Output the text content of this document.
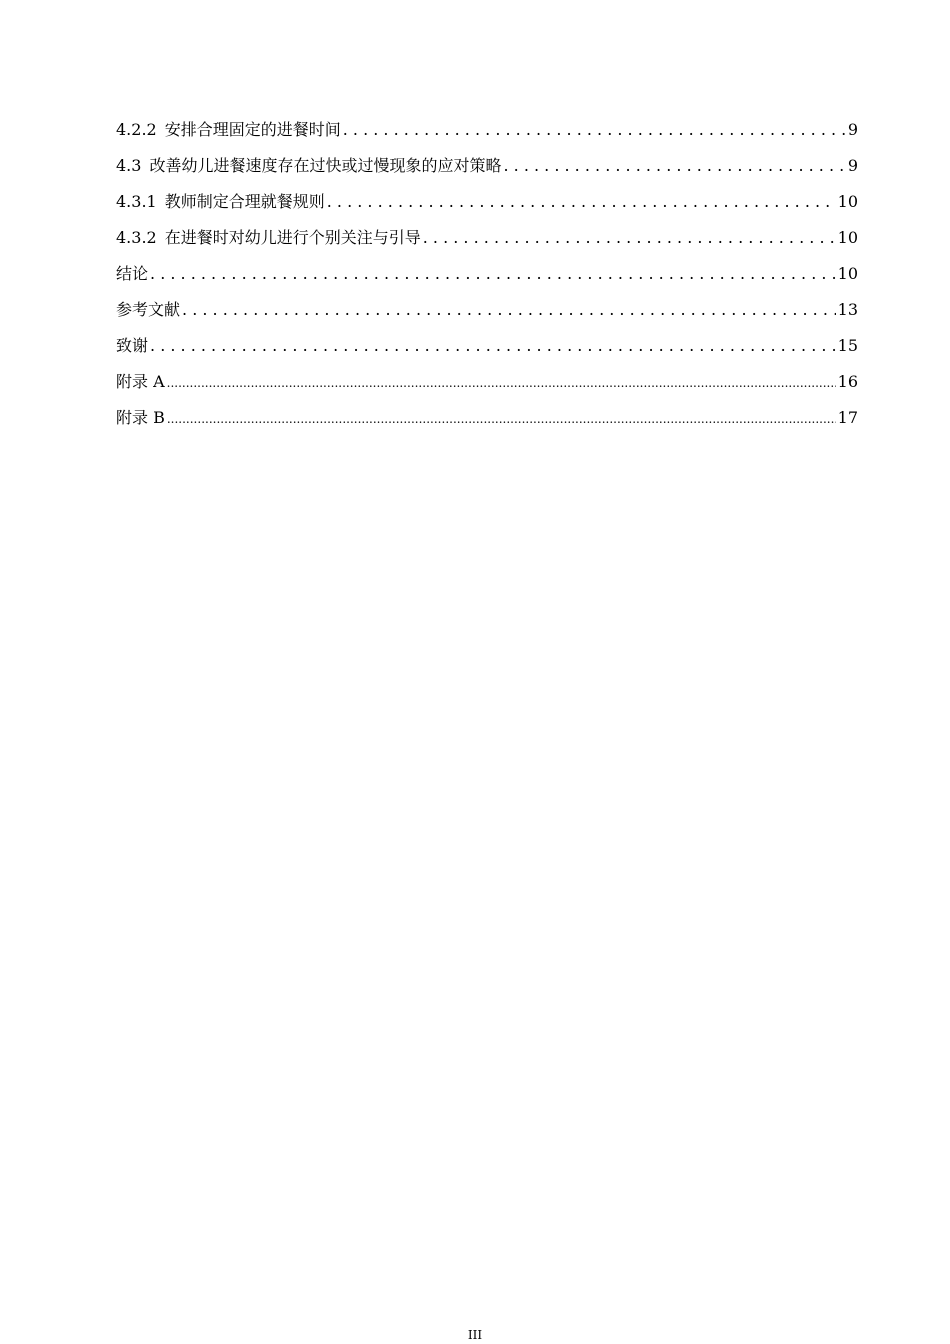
4.2.2 安排合理固定的进餐时间 . . .	9
4.3 改善幼儿进餐速度存在过快或过慢现象的应对策略 . . .	9
4.3.1 教师制定合理就餐规则 . . .	10
4.3.2 在进餐时对幼儿进行个别关注与引导 . . .	10
结论 . . .	10
参考文献 . . .	13
致谢 . . .	15
附录 A .....	16
附录 B .....	17
III
